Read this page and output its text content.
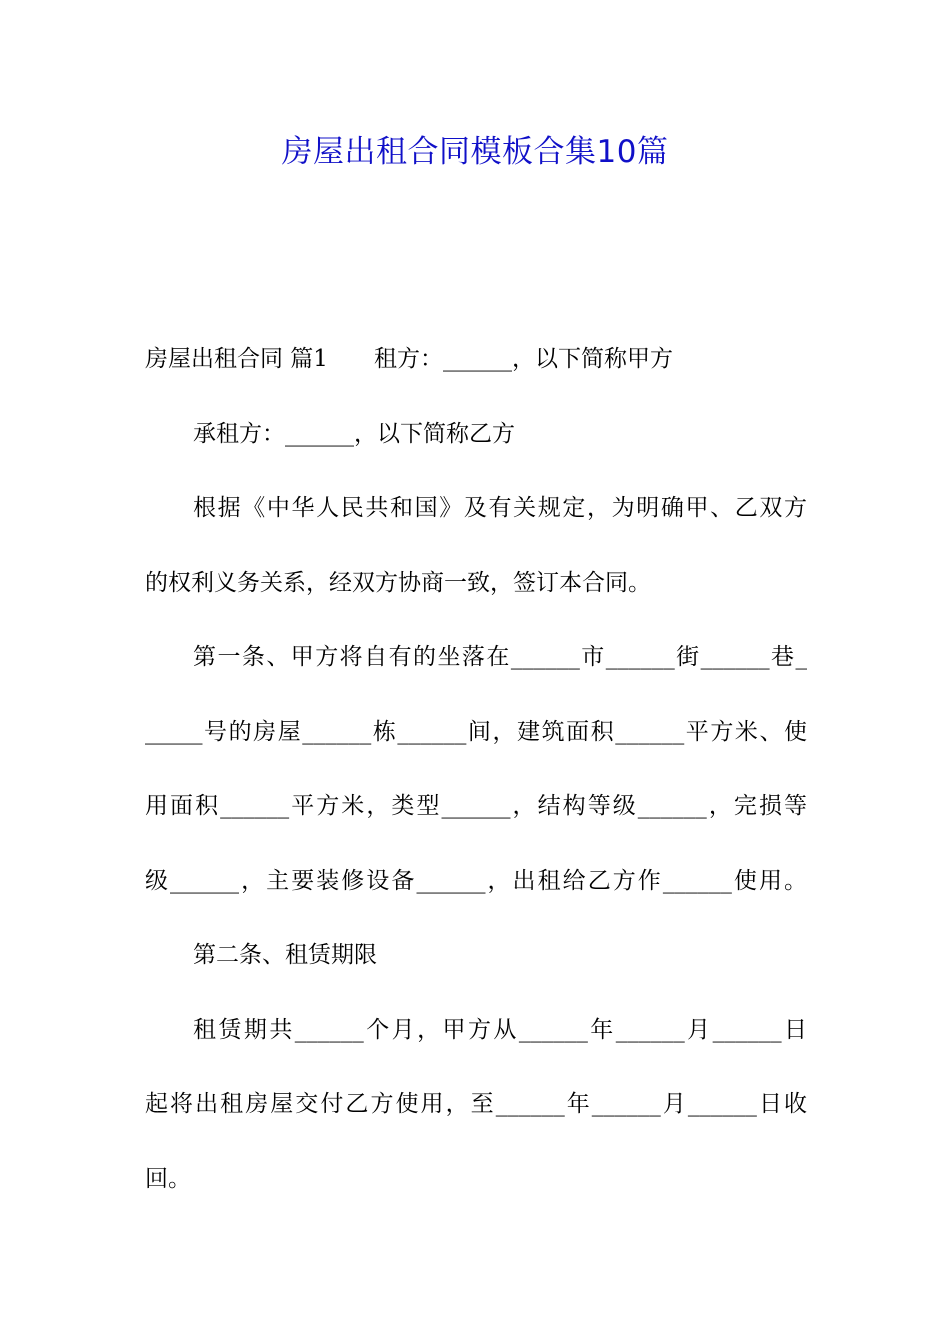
房屋出租合同模板合集10篇
房屋出租合同 篇1 租方：______，以下简称甲方
承租方：______，以下简称乙方
根据《中华人民共和国》及有关规定，为明确甲、乙双方
的权利义务关系，经双方协商一致，签订本合同。
第一条、甲方将自有的坐落在______市______街______巷_
_____号的房屋______栋______间，建筑面积______平方米、使
用面积______平方米，类型______，结构等级______，完损等
级______，主要装修设备______，出租给乙方作______使用。
第二条、租赁期限
租赁期共______个月，甲方从______年______月______日
起将出租房屋交付乙方使用，至______年______月______日收
回。
